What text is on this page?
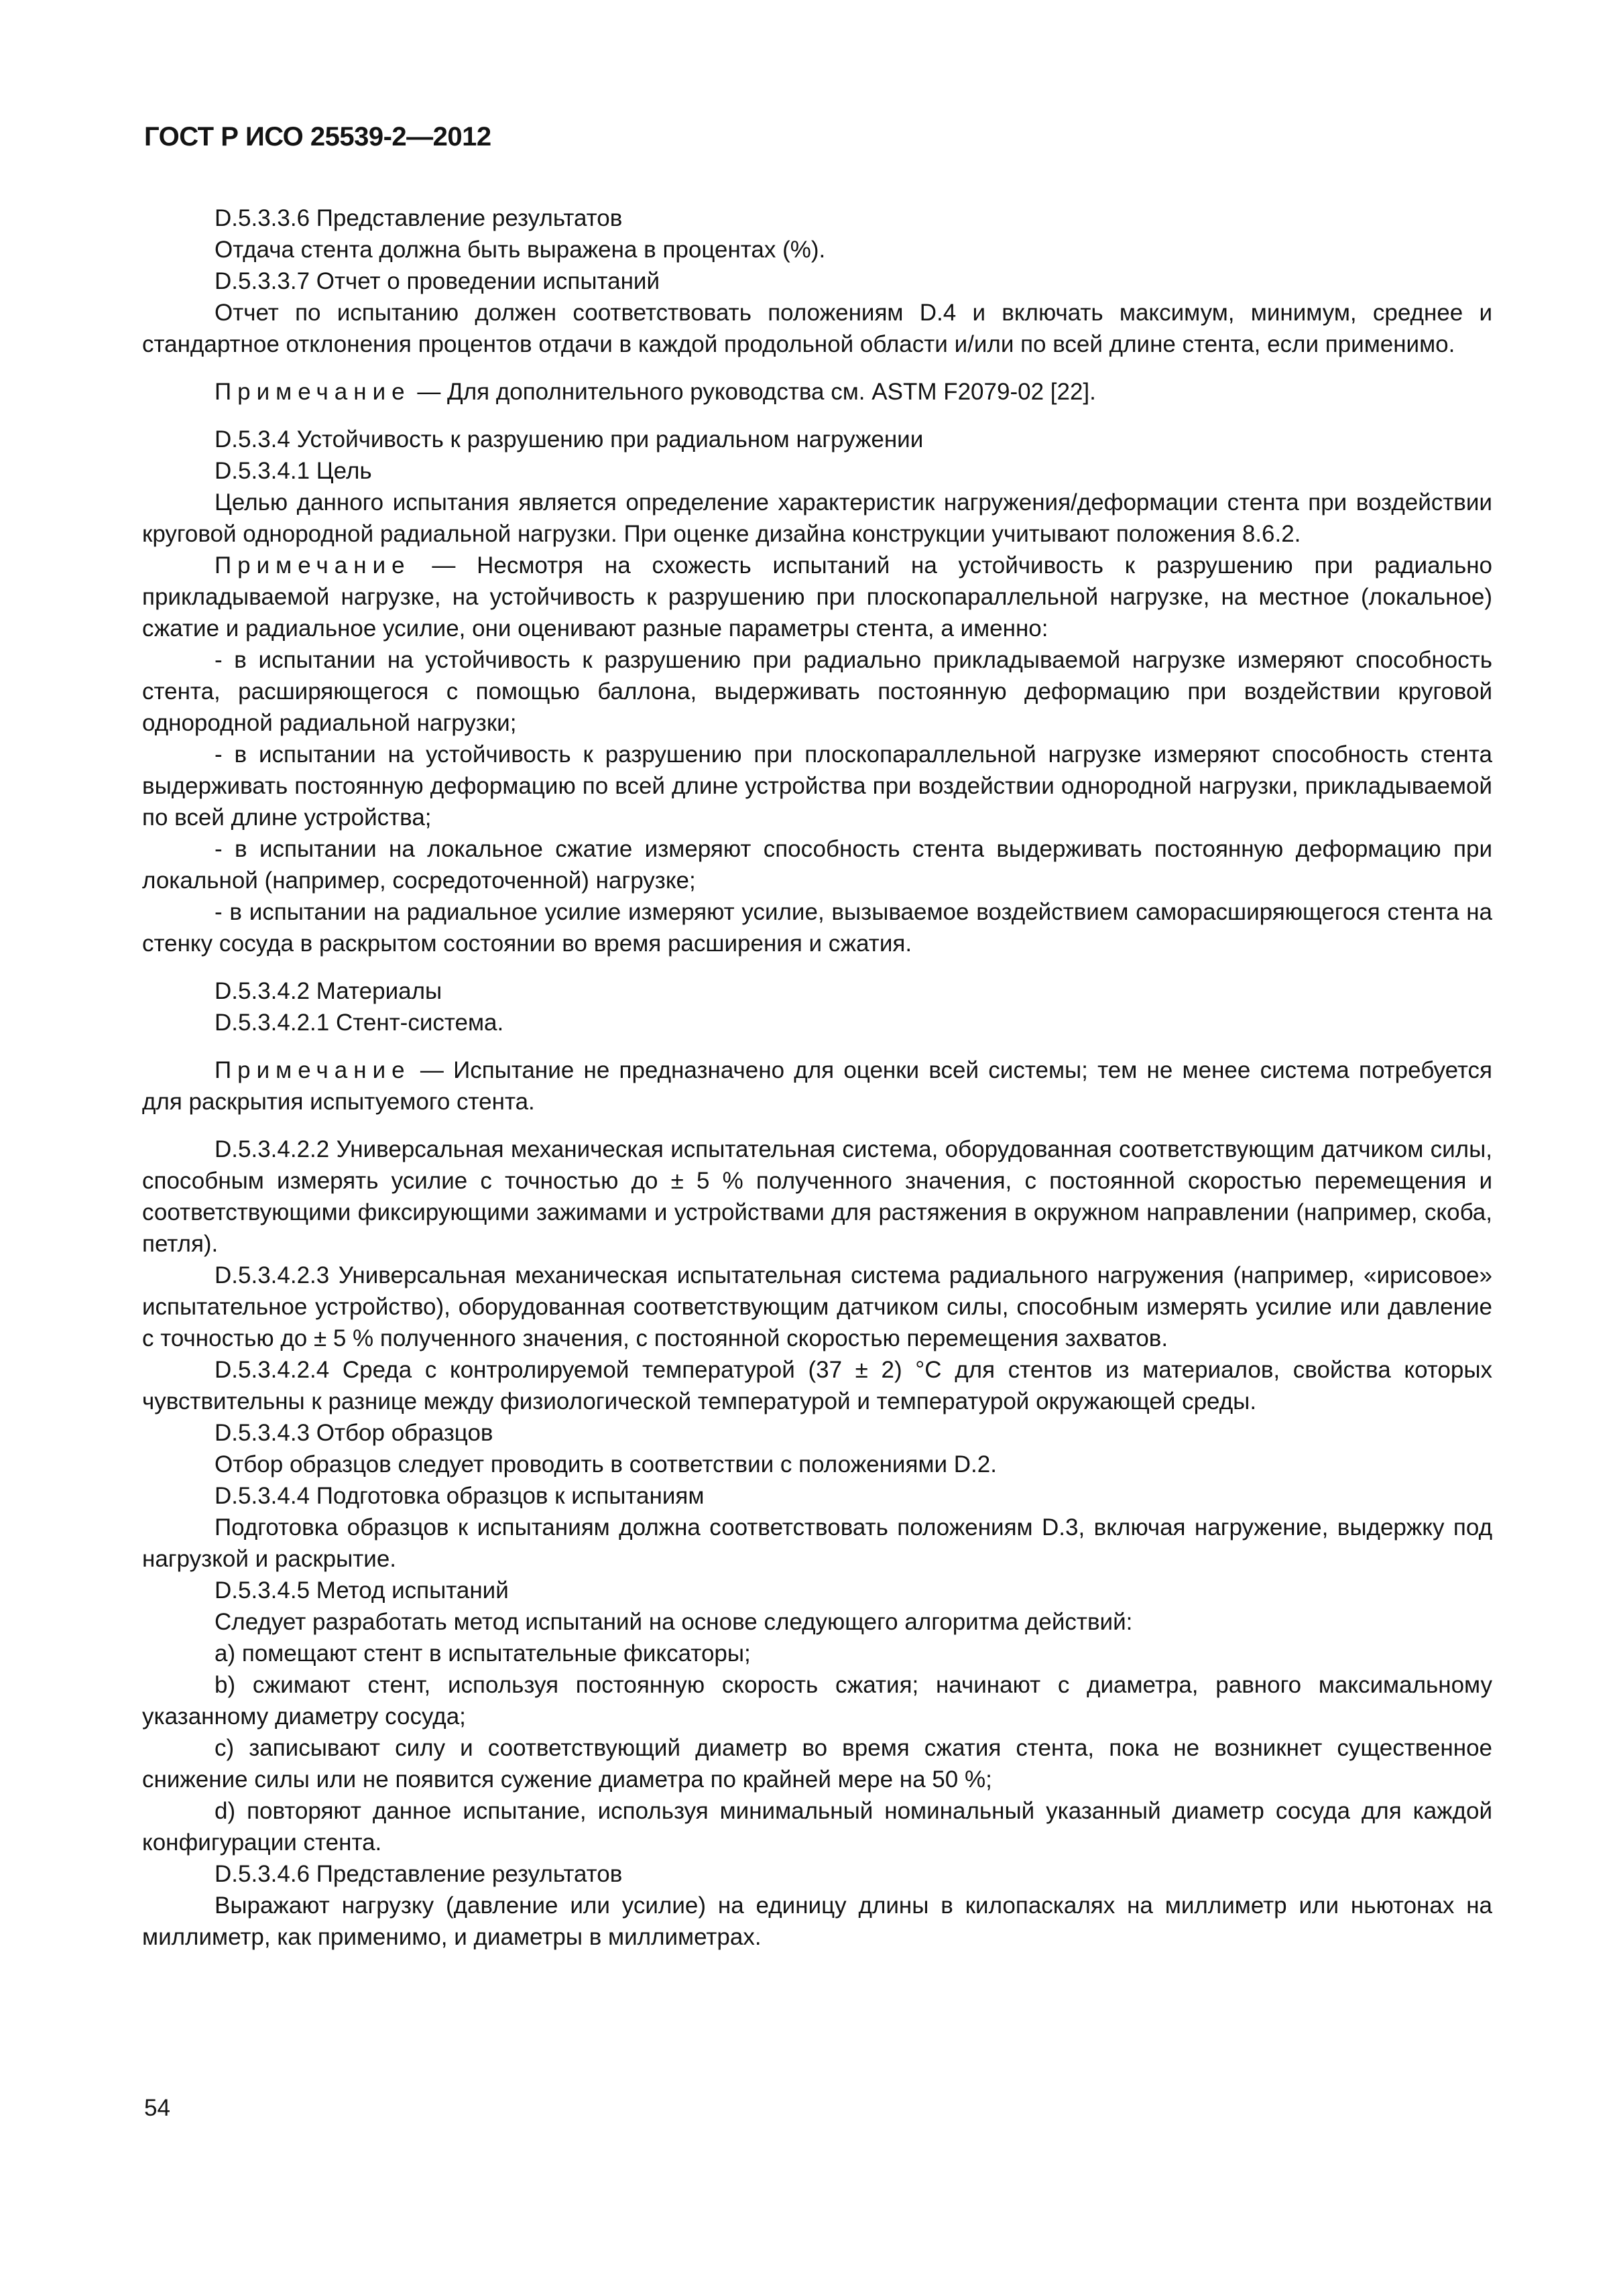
ГОСТ Р ИСО 25539-2—2012

D.5.3.3.6 Представление результатов

Отдача стента должна быть выражена в процентах (%).

D.5.3.3.7 Отчет о проведении испытаний

Отчет по испытанию должен соответствовать положениям D.4 и включать максимум, минимум, среднее и стандартное отклонения процентов отдачи в каждой продольной области и/или по всей длине стента, если применимо.

Примечание — Для дополнительного руководства см. ASTM F2079-02 [22].

D.5.3.4 Устойчивость к разрушению при радиальном нагружении

D.5.3.4.1 Цель

Целью данного испытания является определение характеристик нагружения/деформации стента при воздействии круговой однородной радиальной нагрузки. При оценке дизайна конструкции учитывают положения 8.6.2.

Примечание — Несмотря на схожесть испытаний на устойчивость к разрушению при радиально прикладываемой нагрузке, на устойчивость к разрушению при плоскопараллельной нагрузке, на местное (локальное) сжатие и радиальное усилие, они оценивают разные параметры стента, а именно:

- в испытании на устойчивость к разрушению при радиально прикладываемой нагрузке измеряют способность стента, расширяющегося с помощью баллона, выдерживать постоянную деформацию при воздействии круговой однородной радиальной нагрузки;

- в испытании на устойчивость к разрушению при плоскопараллельной нагрузке измеряют способность стента выдерживать постоянную деформацию по всей длине устройства при воздействии однородной нагрузки, прикладываемой по всей длине устройства;

- в испытании на локальное сжатие измеряют способность стента выдерживать постоянную деформацию при локальной (например, сосредоточенной) нагрузке;

- в испытании на радиальное усилие измеряют усилие, вызываемое воздействием саморасширяющегося стента на стенку сосуда в раскрытом состоянии во время расширения и сжатия.

D.5.3.4.2 Материалы

D.5.3.4.2.1 Стент-система.

Примечание — Испытание не предназначено для оценки всей системы; тем не менее система потребуется для раскрытия испытуемого стента.

D.5.3.4.2.2 Универсальная механическая испытательная система, оборудованная соответствующим датчиком силы, способным измерять усилие с точностью до ± 5 % полученного значения, с постоянной скоростью перемещения и соответствующими фиксирующими зажимами и устройствами для растяжения в окружном направлении (например, скоба, петля).

D.5.3.4.2.3 Универсальная механическая испытательная система радиального нагружения (например, «ирисовое» испытательное устройство), оборудованная соответствующим датчиком силы, способным измерять усилие или давление с точностью до ± 5 % полученного значения, с постоянной скоростью перемещения захватов.

D.5.3.4.2.4 Среда с контролируемой температурой (37 ± 2) °С для стентов из материалов, свойства которых чувствительны к разнице между физиологической температурой и температурой окружающей среды.

D.5.3.4.3 Отбор образцов

Отбор образцов следует проводить в соответствии с положениями D.2.

D.5.3.4.4 Подготовка образцов к испытаниям

Подготовка образцов к испытаниям должна соответствовать положениям D.3, включая нагружение, выдержку под нагрузкой и раскрытие.

D.5.3.4.5 Метод испытаний

Следует разработать метод испытаний на основе следующего алгоритма действий:

a) помещают стент в испытательные фиксаторы;

b) сжимают стент, используя постоянную скорость сжатия; начинают с диаметра, равного максимальному указанному диаметру сосуда;

c) записывают силу и соответствующий диаметр во время сжатия стента, пока не возникнет существенное снижение силы или не появится сужение диаметра по крайней мере на 50 %;

d) повторяют данное испытание, используя минимальный номинальный указанный диаметр сосуда для каждой конфигурации стента.

D.5.3.4.6 Представление результатов

Выражают нагрузку (давление или усилие) на единицу длины в килопаскалях на миллиметр или ньютонах на миллиметр, как применимо, и диаметры в миллиметрах.

54
